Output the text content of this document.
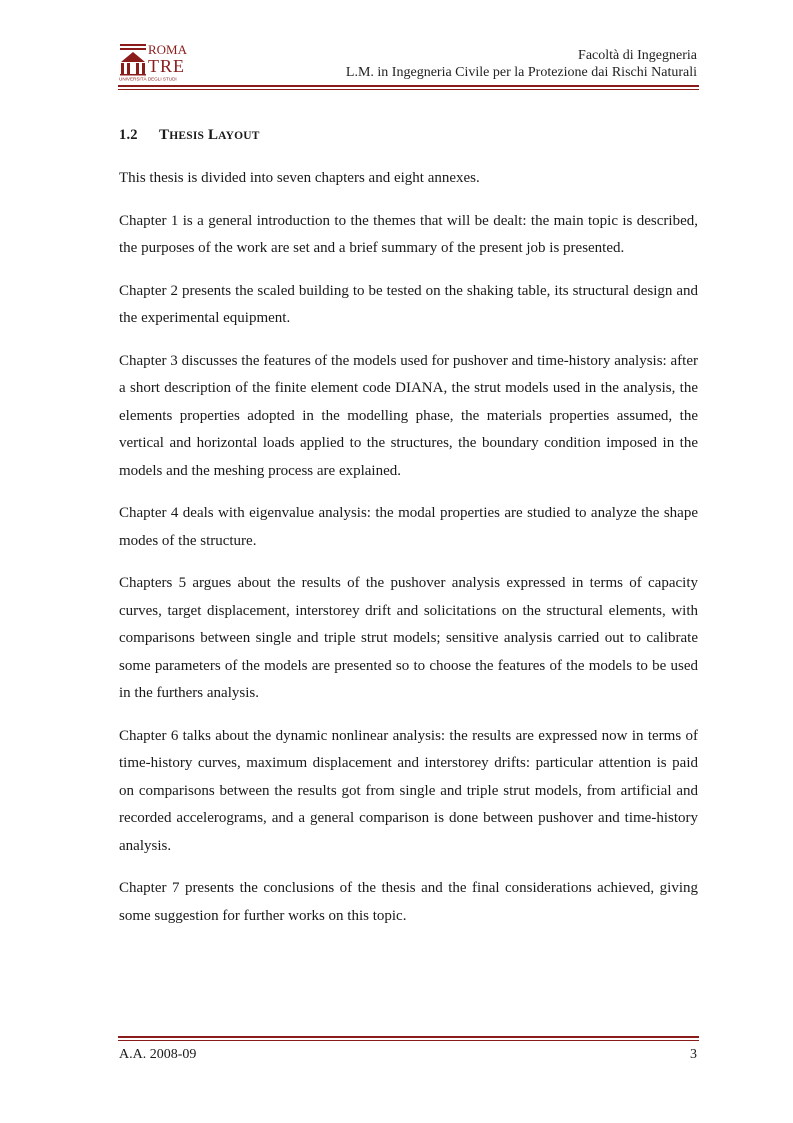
ROMA
TRE
UNIVERSITÀ DEGLI STUDI
Facoltà di Ingegneria
L.M. in Ingegneria Civile per la Protezione dai Rischi Naturali
1.2 THESIS LAYOUT

This thesis is divided into seven chapters and eight annexes.

Chapter 1 is a general introduction to the themes that will be dealt: the main topic is described, the purposes of the work are set and a brief summary of the present job is presented.

Chapter 2 presents the scaled building to be tested on the shaking table, its structural design and the experimental equipment.

Chapter 3 discusses the features of the models used for pushover and time-history analysis: after a short description of the finite element code DIANA, the strut models used in the analysis, the elements properties adopted in the modelling phase, the materials properties assumed, the vertical and horizontal loads applied to the structures, the boundary condition imposed in the models and the meshing process are explained.

Chapter 4 deals with eigenvalue analysis: the modal properties are studied to analyze the shape modes of the structure.

Chapters 5 argues about the results of the pushover analysis expressed in terms of capacity curves, target displacement, interstorey drift and solicitations on the structural elements, with comparisons between single and triple strut models; sensitive analysis carried out to calibrate some parameters of the models are presented so to choose the features of the models to be used in the furthers analysis.

Chapter 6 talks about the dynamic nonlinear analysis: the results are expressed now in terms of time-history curves, maximum displacement and interstorey drifts: particular attention is paid on comparisons between the results got from single and triple strut models, from artificial and recorded accelerograms, and a general comparison is done between pushover and time-history analysis.

Chapter 7 presents the conclusions of the thesis and the final considerations achieved, giving some suggestion for further works on this topic.

A.A. 2008-09	3
